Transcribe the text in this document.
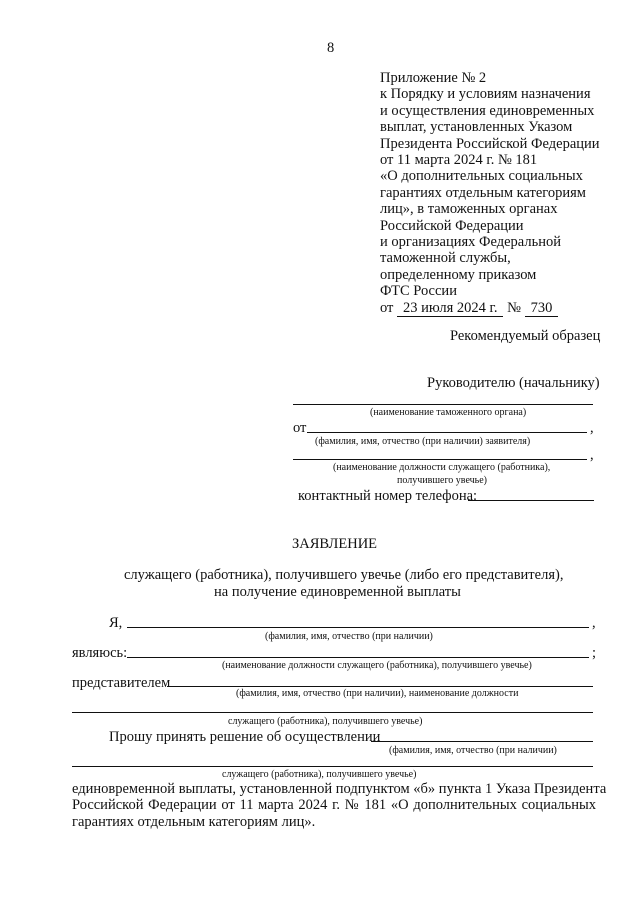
8
Приложение № 2
к Порядку и условиям назначения
и осуществления единовременных
выплат, установленных Указом
Президента Российской Федерации
от 11 марта 2024 г. № 181
«О дополнительных социальных
гарантиях отдельным категориям
лиц», в таможенных органах
Российской Федерации
и организациях Федеральной
таможенной службы,
определенному приказом
ФТС России
от 23 июля 2024 г. № 730
Рекомендуемый образец
Руководителю (начальнику)
(наименование таможенного органа)
от	,
(фамилия, имя, отчество (при наличии) заявителя)
,
(наименование должности служащего (работника),
получившего увечье)
контактный номер телефона:
ЗАЯВЛЕНИЕ
служащего (работника), получившего увечье (либо его представителя),
на получение единовременной выплаты
Я,	,
(фамилия, имя, отчество (при наличии)
являюсь:	;
(наименование должности служащего (работника), получившего увечье)
представителем
(фамилия, имя, отчество (при наличии), наименование должности
служащего (работника), получившего увечье)
Прошу принять решение об осуществлении
(фамилия, имя, отчество (при наличии)
служащего (работника), получившего увечье)
единовременной выплаты, установленной подпунктом «б» пункта 1 Указа Президента
Российской Федерации от 11 марта 2024 г. № 181 «О дополнительных социальных
гарантиях отдельным категориям лиц».
